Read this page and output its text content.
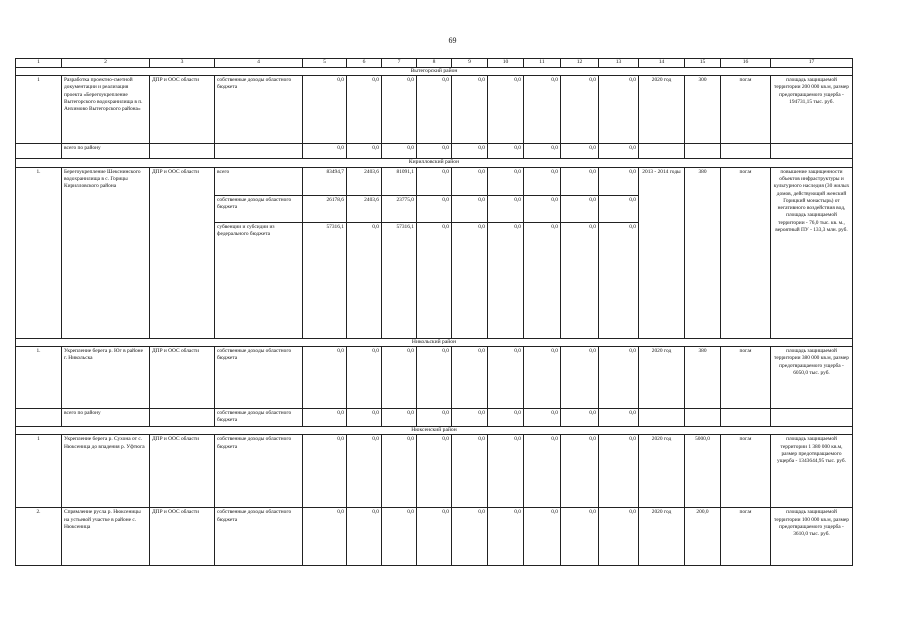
69
1	2	3	4	5	6	7	8	9	10	11	12	13	14	15	16	17
Вытегорский район																
1	Разработка проектно-сметной документации и реализация проекта «Берегоукрепление Вытегорского водохранилища в п. Анхимово Вытегорского района»	ДПР и ООС области	собственные доходы областного бюджета	0,0	0,0	0,0	0,0	0,0	0,0	0,0	0,0	0,0	2020 год	300	пог.м	площадь защищаемой территории 200 000 кв.м, размер предотвращаемого ущерба - 194731,15 тыс. руб.
	всего по району			0,0	0,0	0,0	0,0	0,0	0,0	0,0	0,0	0,0				
Кирилловский район																
1.	Берегоукрепление Шекснинского водохранилища в с. Горицы Кирилловского района	ДПР и ООС области	всего	83494,7	2403,6	81091,1	0,0	0,0	0,0	0,0	0,0	0,0	2013 - 2014 годы	380	пог.м	повышение защищенности объектов инфраструктуры и культурного наследия (30 жилых домов, действующий женский Горицкий монастырь) от негативного воздействия вод, площадь защищаемой территории - 76,0 тыс. кв. м., вероятный ПУ - 133,3 млн. руб.
			собственные доходы областного бюджета	26178,6	2403,6	23775,0	0,0	0,0	0,0	0,0	0,0	0,0				
			субвенции и субсидии из федерального бюджета	57316,1	0,0	57316,1	0,0	0,0	0,0	0,0	0,0	0,0				
Никольский район																
1.	Укрепление берега р. Юг в районе г. Никольска	ДПР и ООС области	собственные доходы областного бюджета	0,0	0,0	0,0	0,0	0,0	0,0	0,0	0,0	0,0	2020 год	380	пог.м	площадь защищаемой территории 380 000 кв.м, размер предотвращаемого ущерба - 6050,0 тыс. руб.
	всего по району		собственные доходы областного бюджета	0,0	0,0	0,0	0,0	0,0	0,0	0,0	0,0	0,0				
Нюксенский район																
1	Укрепление берега р. Сухона от с. Нюксеница до впадения р. Уфтюга	ДПР и ООС области	собственные доходы областного бюджета	0,0	0,0	0,0	0,0	0,0	0,0	0,0	0,0	0,0	2020 год	5000,0	пог.м	площадь защищаемой территории 1 380 000 кв.м, размер предотвращаемого ущерба - 1343644,95 тыс. руб.
2.	Спрямление русла р. Нюксеницы на устьевой участке в районе с. Нюксеница	ДПР и ООС области	собственные доходы областного бюджета	0,0	0,0	0,0	0,0	0,0	0,0	0,0	0,0	0,0	2020 год	200,0	пог.м	площадь защищаемой территории 100 000 кв.м, размер предотвращаемого ущерба - 3610,0 тыс. руб.
